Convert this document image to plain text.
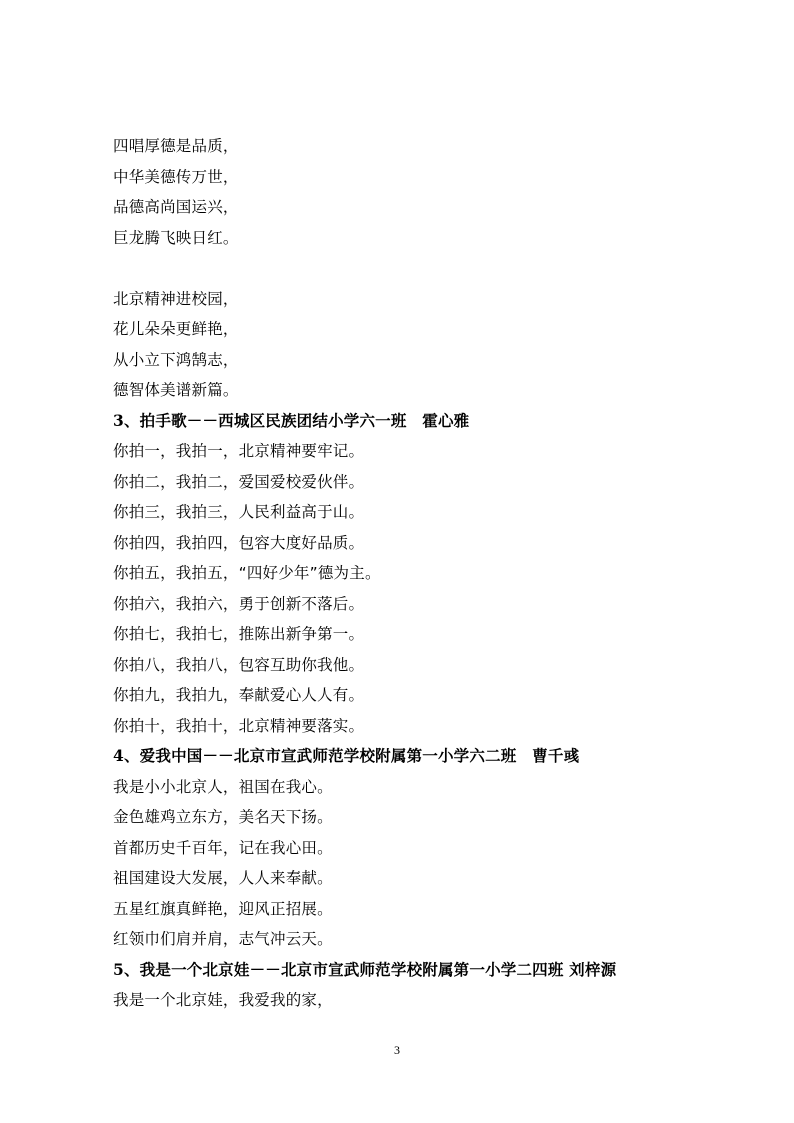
四唱厚德是品质，
中华美德传万世，
品德高尚国运兴，
巨龙腾飞映日红。
北京精神进校园，
花儿朵朵更鲜艳，
从小立下鸿鹄志，
德智体美谱新篇。
3、拍手歌－－西城区民族团结小学六一班　霍心雅
你拍一，我拍一，北京精神要牢记。
你拍二，我拍二，爱国爱校爱伙伴。
你拍三，我拍三，人民利益高于山。
你拍四，我拍四，包容大度好品质。
你拍五，我拍五，“四好少年”德为主。
你拍六，我拍六，勇于创新不落后。
你拍七，我拍七，推陈出新争第一。
你拍八，我拍八，包容互助你我他。
你拍九，我拍九，奉献爱心人人有。
你拍十，我拍十，北京精神要落实。
4、爱我中国－－北京市宣武师范学校附属第一小学六二班　曹千彧
我是小小北京人，祖国在我心。
金色雄鸡立东方，美名天下扬。
首都历史千百年，记在我心田。
祖国建设大发展，人人来奉献。
五星红旗真鲜艳，迎风正招展。
红领巾们肩并肩，志气冲云天。
5、我是一个北京娃－－北京市宣武师范学校附属第一小学二四班 刘梓源
我是一个北京娃，我爱我的家，
3
